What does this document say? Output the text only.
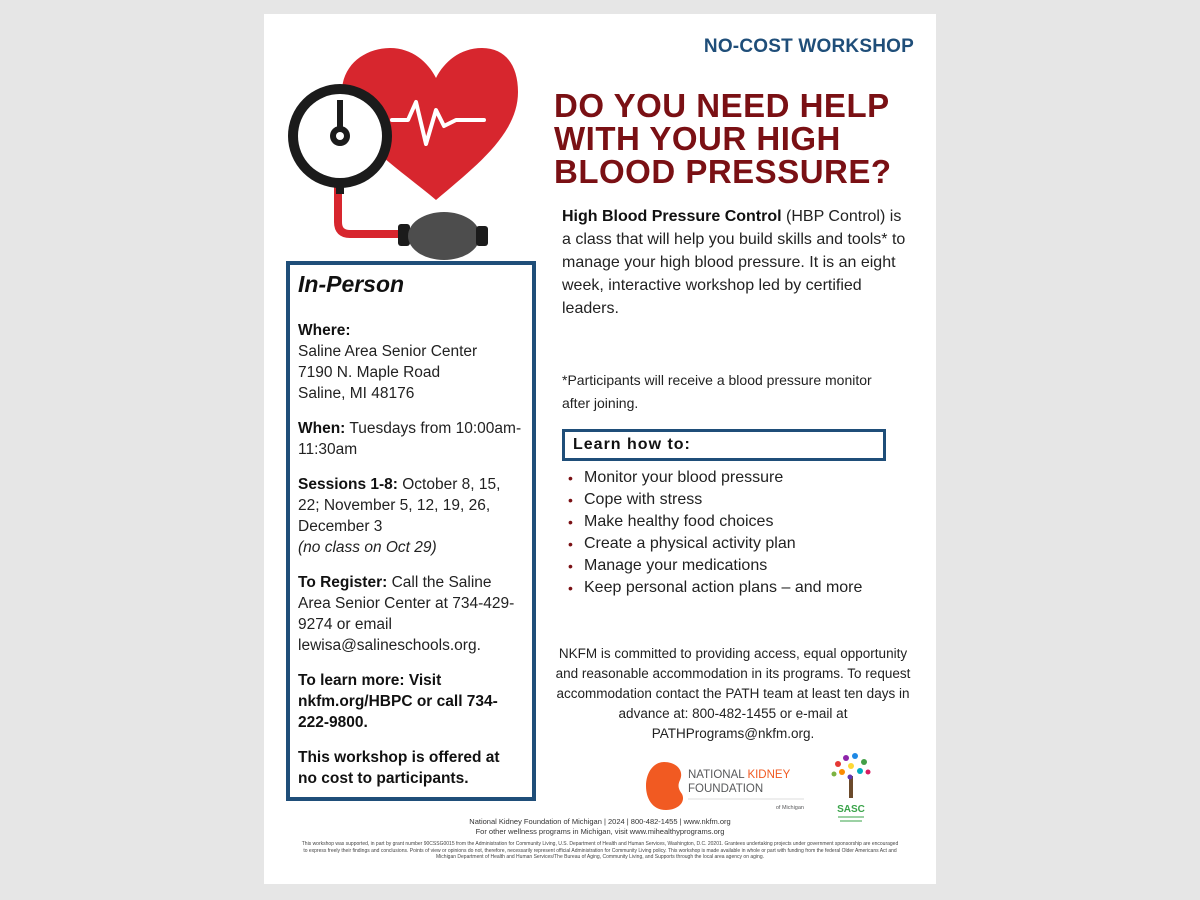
NO-COST WORKSHOP
DO YOU NEED HELP
WITH YOUR HIGH
BLOOD PRESSURE?
High Blood Pressure Control (HBP Control) is a class that will help you build skills and tools* to manage your high blood pressure. It is an eight week, interactive workshop led by certified leaders.
*Participants will receive a blood pressure monitor after joining.
Learn how to:
• Monitor your blood pressure
• Cope with stress
• Make healthy food choices
• Create a physical activity plan
• Manage your medications
• Keep personal action plans – and more
NKFM is committed to providing access, equal opportunity and reasonable accommodation in its programs. To request accommodation contact the PATH team at least ten days in advance at: 800-482-1455 or e-mail at PATHPrograms@nkfm.org.
In-Person
Where:
Saline Area Senior Center
7190 N. Maple Road
Saline, MI 48176
When: Tuesdays from 10:00am-11:30am
Sessions 1-8: October 8, 15, 22; November 5, 12, 19, 26, December 3
(no class on Oct 29)
To Register: Call the Saline Area Senior Center at 734-429-9274 or email lewisa@salineschools.org.
To learn more: Visit nkfm.org/HBPC or call 734-222-9800.
This workshop is offered at no cost to participants.	NATIONAL KIDNEY
FOUNDATION
of Michigan	SASC
National Kidney Foundation of Michigan | 2024 | 800-482-1455 | www.nkfm.org
For other wellness programs in Michigan, visit www.mihealthyprograms.org
This workshop was supported, in part by grant number 90CSSG0015 from the Administration for Community Living, U.S. Department of Health and Human Services, Washington, D.C. 20201. Grantees undertaking projects under government sponsorship are encouraged to express freely their findings and conclusions. Points of view or opinions do not, therefore, necessarily represent official Administration for Community Living policy. This workshop is made available in whole or part with funding from the federal Older Americans Act and Michigan Department of Health and Human Services/The Bureau of Aging, Community Living, and Supports through the local area agency on aging.
